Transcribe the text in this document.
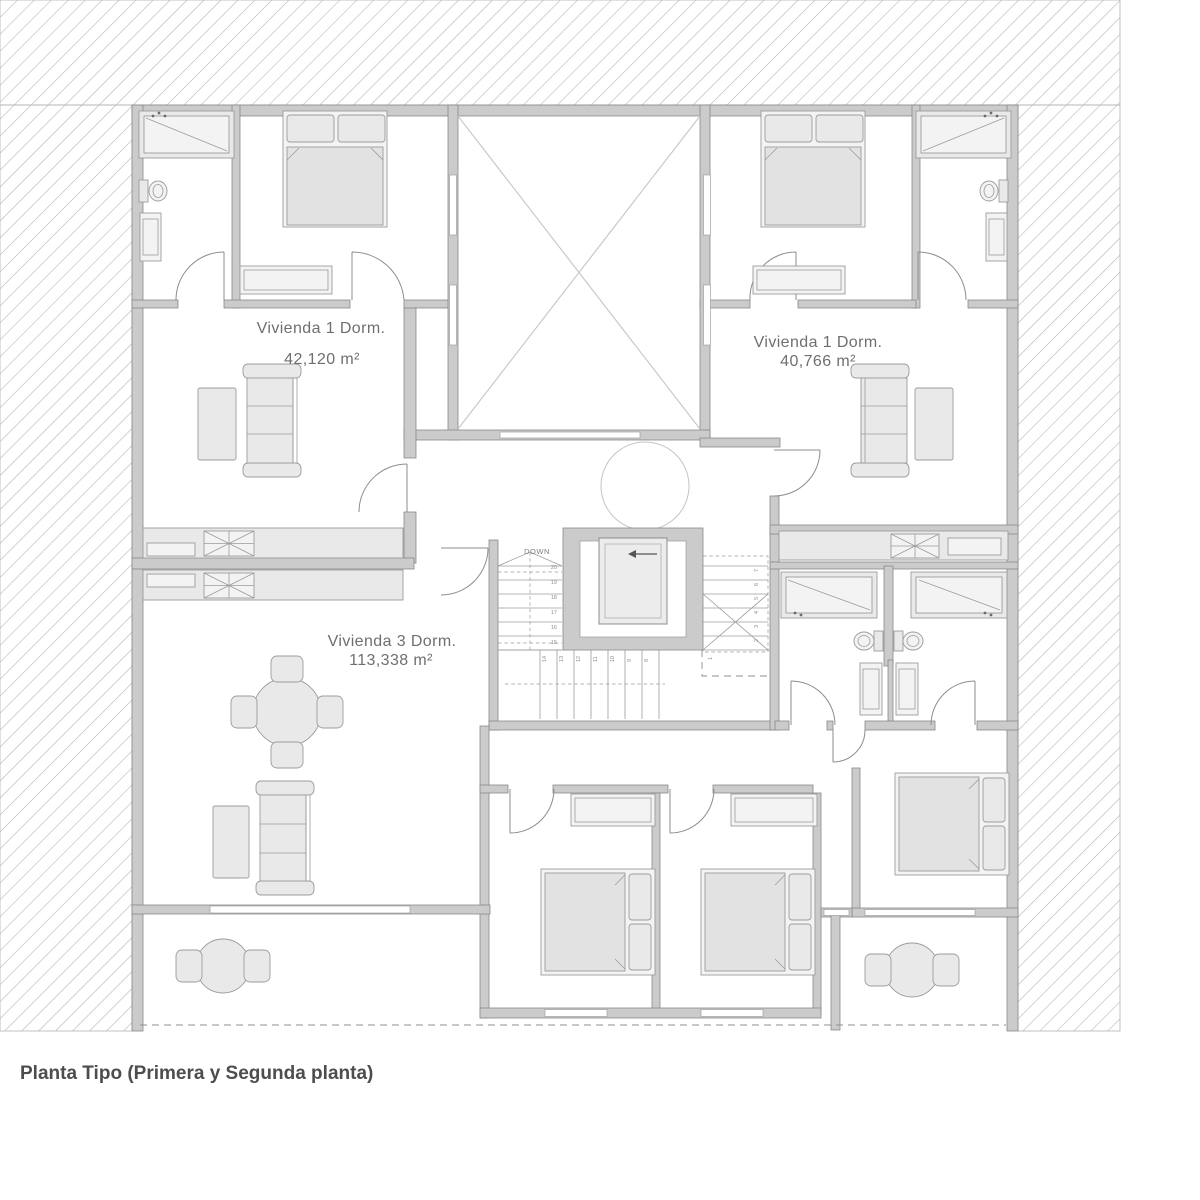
20
19
18
17
16
15
14 13 12 11 10 9 8
7
6
5
4
3
2
1
DOWN
Vivienda 1 Dorm.
42,120 m²
Vivienda 1 Dorm.
40,766 m²
Vivienda 3 Dorm.
113,338 m²
Planta Tipo (Primera y Segunda planta)
